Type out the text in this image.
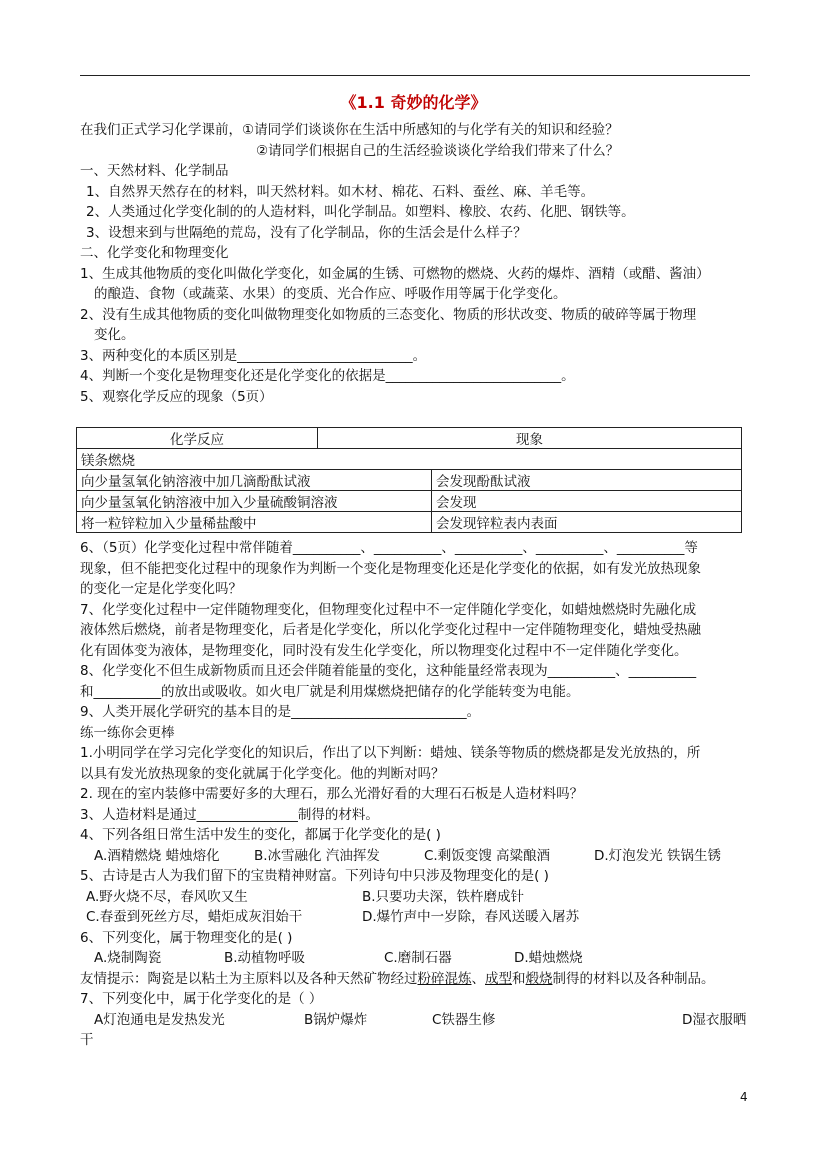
《1.1 奇妙的化学》
在我们正式学习化学课前，①请同学们谈谈你在生活中所感知的与化学有关的知识和经验？
②请同学们根据自己的生活经验谈谈化学给我们带来了什么？
一、天然材料、化学制品
1、自然界天然存在的材料，叫天然材料。如木材、棉花、石料、蚕丝、麻、羊毛等。
2、人类通过化学变化制的的人造材料，叫化学制品。如塑料、橡胶、农药、化肥、钢铁等。
3、设想来到与世隔绝的荒岛，没有了化学制品，你的生活会是什么样子？
二、化学变化和物理变化
1、生成其他物质的变化叫做化学变化，如金属的生锈、可燃物的燃烧、火药的爆炸、酒精（或醋、酱油）
的酿造、食物（或蔬菜、水果）的变质、光合作应、呼吸作用等属于化学变化。
2、没有生成其他物质的变化叫做物理变化如物质的三态变化、物质的形状改变、物质的破碎等属于物理
变化。
3、两种变化的本质区别是__________________________。
4、判断一个变化是物理变化还是化学变化的依据是__________________________。
5、观察化学反应的现象（5页）
化学反应	现象	
镁条燃烧		
向少量氢氧化钠溶液中加几滴酚酞试液		会发现酚酞试液
向少量氢氧化钠溶液中加入少量硫酸铜溶液		会发现
将一粒锌粒加入少量稀盐酸中		会发现锌粒表内表面
6、（5页）化学变化过程中常伴随着__________、__________、__________、__________、__________等
现象，但不能把变化过程中的现象作为判断一个变化是物理变化还是化学变化的依据，如有发光放热现象
的变化一定是化学变化吗？
7、化学变化过程中一定伴随物理变化，但物理变化过程中不一定伴随化学变化，如蜡烛燃烧时先融化成
液体然后燃烧，前者是物理变化，后者是化学变化，所以化学变化过程中一定伴随物理变化，蜡烛受热融
化有固体变为液体，是物理变化，同时没有发生化学变化，所以物理变化过程中不一定伴随化学变化。
8、化学变化不但生成新物质而且还会伴随着能量的变化，这种能量经常表现为__________、__________
和__________的放出或吸收。如火电厂就是利用煤燃烧把储存的化学能转变为电能。
9、人类开展化学研究的基本目的是__________________________。
练一练你会更棒
1.小明同学在学习完化学变化的知识后，作出了以下判断：蜡烛、镁条等物质的燃烧都是发光放热的，所
以具有发光放热现象的变化就属于化学变化。他的判断对吗？
2. 现在的室内装修中需要好多的大理石，那么光滑好看的大理石石板是人造材料吗？
3、人造材料是通过_______________制得的材料。
4、下列各组日常生活中发生的变化，都属于化学变化的是( )
A.酒精燃烧 蜡烛熔化	B.冰雪融化 汽油挥发	C.剩饭变馊 高粱酿酒	D.灯泡发光 铁锅生锈
5、古诗是古人为我们留下的宝贵精神财富。下列诗句中只涉及物理变化的是( )
A.野火烧不尽，春风吹又生	B.只要功夫深，铁杵磨成针
C.春蚕到死丝方尽，蜡炬成灰泪始干	D.爆竹声中一岁除，春风送暖入屠苏
6、下列变化，属于物理变化的是( )
A.烧制陶瓷	B.动植物呼吸	C.磨制石器	D.蜡烛燃烧
友情提示：陶瓷是以粘土为主原料以及各种天然矿物经过粉碎混炼、成型和煅烧制得的材料以及各种制品。
7、下列变化中，属于化学变化的是（ ）
A灯泡通电是发热发光	B锅炉爆炸	C铁器生修	D湿衣服晒
干
4
